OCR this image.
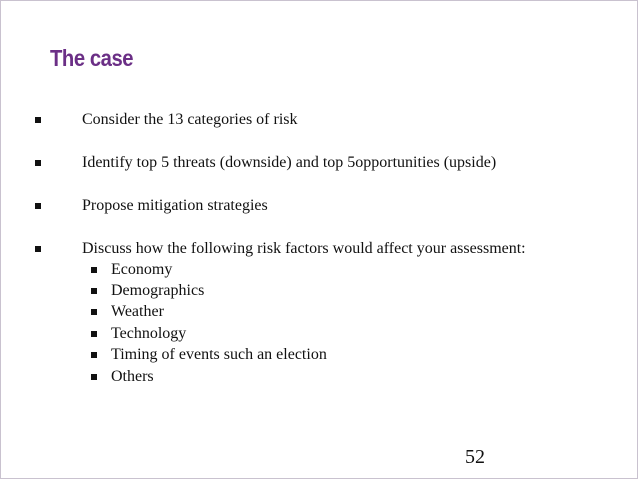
The case
Consider the 13 categories of risk
Identify top 5 threats (downside) and top 5opportunities (upside)
Propose mitigation strategies
Discuss how the following risk factors would affect your assessment:
Economy
Demographics
Weather
Technology
Timing of events such an election
Others
52
